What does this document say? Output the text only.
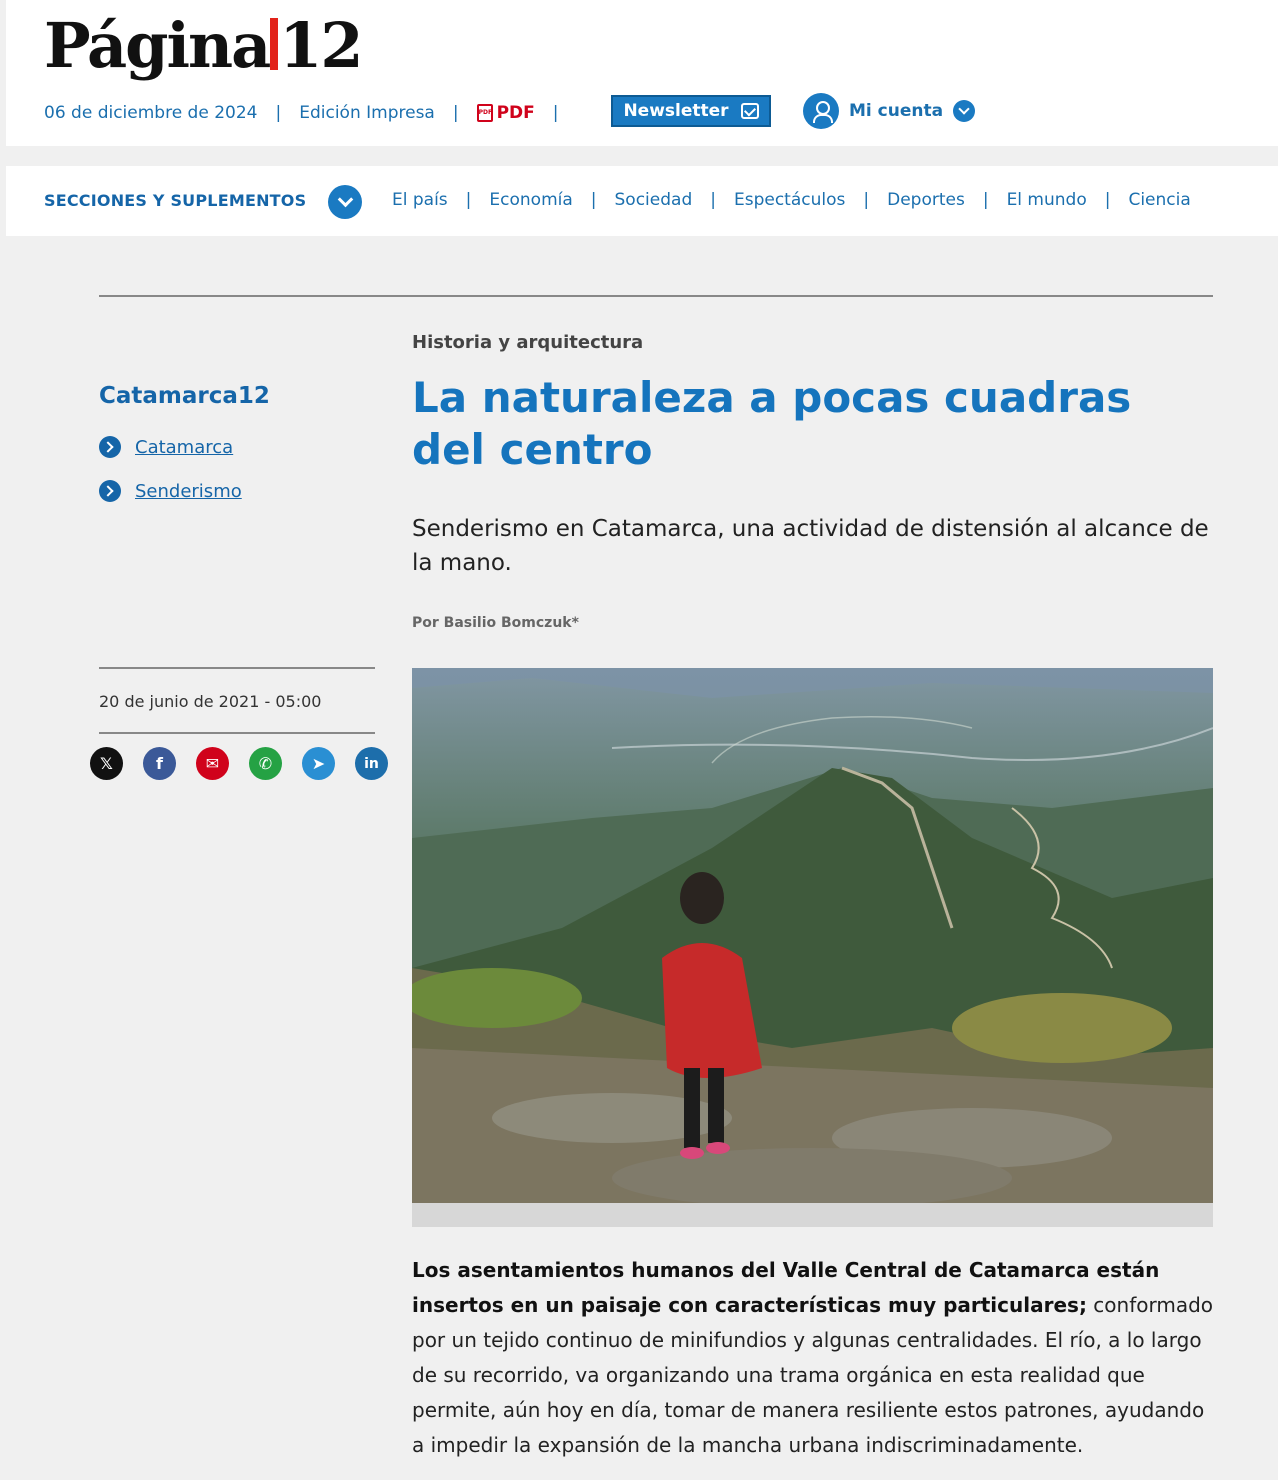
Página 12
06 de diciembre de 2024 | Edición Impresa |	PDF PDF |	Newsletter	Mi cuenta
SECCIONES Y SUPLEMENTOS	El país | Economía | Sociedad | Espectáculos | Deportes | El mundo | Ciencia
Catamarca12
Catamarca
Senderismo
20 de junio de 2021 - 05:00
𝕏	f	✉	✆	➤	in
Historia y arquitectura
La naturaleza a pocas cuadras del centro
Senderismo en Catamarca, una actividad de distensión al alcance de la mano.
Por Basilio Bomczuk*

Los asentamientos humanos del Valle Central de Catamarca están insertos en un paisaje con características muy particulares; conformado por un tejido continuo de minifundios y algunas centralidades. El río, a lo largo de su recorrido, va organizando una trama orgánica en esta realidad que permite, aún hoy en día, tomar de manera resiliente estos patrones, ayudando a impedir la expansión de la mancha urbana indiscriminadamente.
